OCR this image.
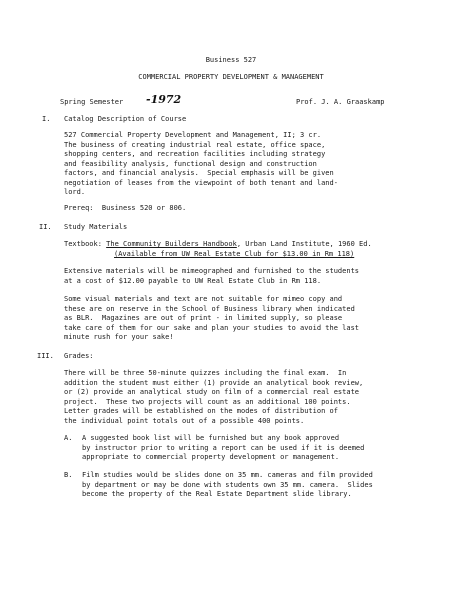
Business 527
COMMERCIAL PROPERTY DEVELOPMENT & MANAGEMENT
Spring Semester -1972	Prof. J. A. Graaskamp
I. Catalog Description of Course
527 Commercial Property Development and Management, II; 3 cr.
The business of creating industrial real estate, office space,
shopping centers, and recreation facilities including strategy
and feasibility analysis, functional design and construction
factors, and financial analysis.  Special emphasis will be given
negotiation of leases from the viewpoint of both tenant and land-
lord.
Prereq:  Business 520 or 806.
II. Study Materials
Textbook: The Community Builders Handbook, Urban Land Institute, 1960 Ed.
(Available from UW Real Estate Club for $13.00 in Rm 118)
Extensive materials will be mimeographed and furnished to the students
at a cost of $12.00 payable to UW Real Estate Club in Rm 118.
Some visual materials and text are not suitable for mimeo copy and
these are on reserve in the School of Business library when indicated
as BLR.  Magazines are out of print - in limited supply, so please
take care of them for our sake and plan your studies to avoid the last
minute rush for your sake!
III. Grades:
There will be three 50-minute quizzes including the final exam.  In
addition the student must either (1) provide an analytical book review,
or (2) provide an analytical study on film of a commercial real estate
project.  These two projects will count as an additional 100 points.
Letter grades will be established on the modes of distribution of
the individual point totals out of a possible 400 points.
A. A suggested book list will be furnished but any book approved
by instructor prior to writing a report can be used if it is deemed
appropriate to commercial property development or management.
B. Film studies would be slides done on 35 mm. cameras and film provided
by department or may be done with students own 35 mm. camera.  Slides
become the property of the Real Estate Department slide library.
